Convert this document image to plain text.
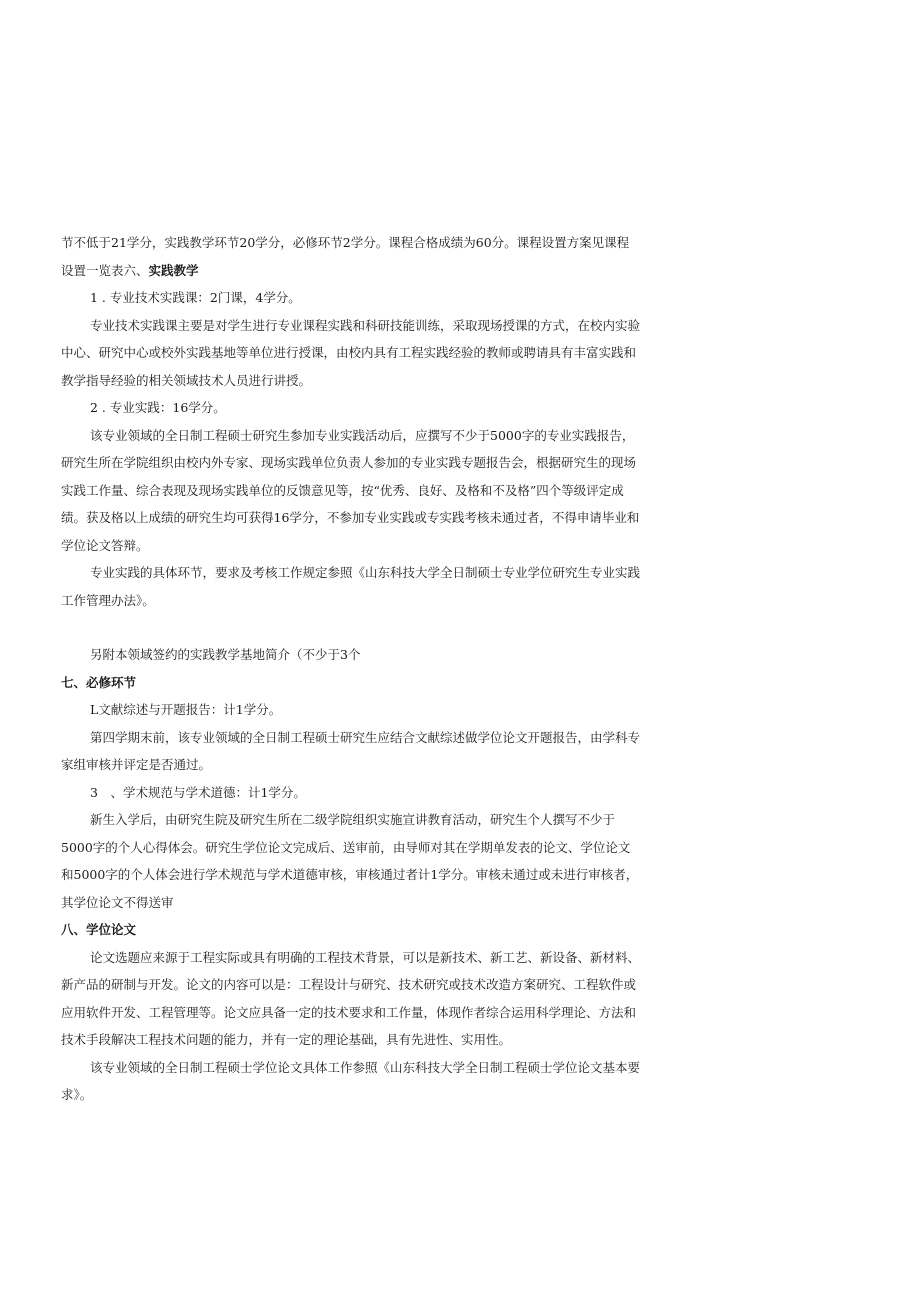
节不低于21学分，实践教学环节20学分，必修环节2学分。课程合格成绩为60分。课程设置方案见课程设置一览表六、实践教学

1 . 专业技术实践课：2门课，4学分。

专业技术实践课主要是对学生进行专业课程实践和科研技能训练，采取现场授课的方式，在校内实验中心、研究中心或校外实践基地等单位进行授课，由校内具有工程实践经验的教师或聘请具有丰富实践和教学指导经验的相关领域技术人员进行讲授。

2 . 专业实践：16学分。

该专业领域的全日制工程硕士研究生参加专业实践活动后，应撰写不少于5000字的专业实践报告，研究生所在学院组织由校内外专家、现场实践单位负责人参加的专业实践专题报告会，根据研究生的现场实践工作量、综合表现及现场实践单位的反馈意见等，按“优秀、良好、及格和不及格”四个等级评定成绩。获及格以上成绩的研究生均可获得16学分，不参加专业实践或专实践考核未通过者，不得申请毕业和学位论文答辩。

专业实践的具体环节，要求及考核工作规定参照《山东科技大学全日制硕士专业学位研究生专业实践工作管理办法》。

另附本领域签约的实践教学基地简介（不少于3个

七、必修环节

L文献综述与开题报告：计1学分。

第四学期末前，该专业领域的全日制工程硕士研究生应结合文献综述做学位论文开题报告，由学科专家组审核并评定是否通过。

3　、学术规范与学术道德：计1学分。

新生入学后，由研究生院及研究生所在二级学院组织实施宣讲教育活动，研究生个人撰写不少于5000字的个人心得体会。研究生学位论文完成后、送审前，由导师对其在学期单发表的论文、学位论文和5000字的个人体会进行学术规范与学术道德审核，审核通过者计1学分。审核未通过或未进行审核者，其学位论文不得送审

八、学位论文

论文选题应来源于工程实际或具有明确的工程技术背景，可以是新技术、新工艺、新设备、新材料、新产品的研制与开发。论文的内容可以是：工程设计与研究、技术研究或技术改造方案研究、工程软件或应用软件开发、工程管理等。论文应具备一定的技术要求和工作量，体现作者综合运用科学理论、方法和技术手段解决工程技术问题的能力，并有一定的理论基础，具有先进性、实用性。

该专业领域的全日制工程硕士学位论文具体工作参照《山东科技大学全日制工程硕士学位论文基本要求》。
